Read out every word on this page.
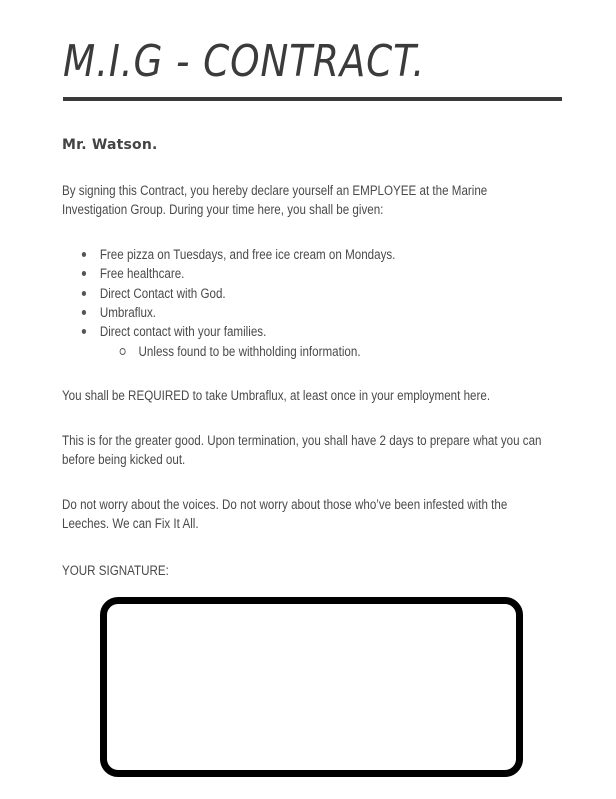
M.I.G - CONTRACT.
Mr. Watson.

By signing this Contract, you hereby declare yourself an EMPLOYEE at the Marine Investigation Group. During your time here, you shall be given:

Free pizza on Tuesdays, and free ice cream on Mondays.
Free healthcare.
Direct Contact with God.
Umbraflux.
Direct contact with your families.
Unless found to be withholding information.

You shall be REQUIRED to take Umbraflux, at least once in your employment here.

This is for the greater good. Upon termination, you shall have 2 days to prepare what you can before being kicked out.

Do not worry about the voices. Do not worry about those who’ve been infested with the Leeches. We can Fix It All.

YOUR SIGNATURE:
